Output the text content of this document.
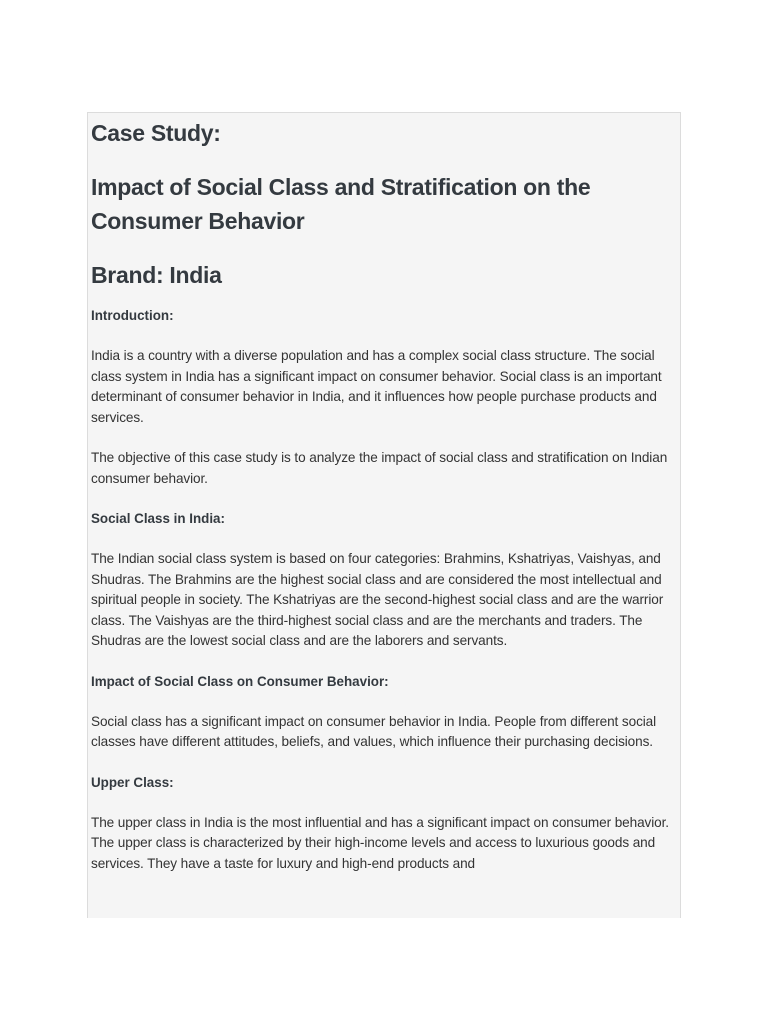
Case Study:
Impact of Social Class and Stratification on the Consumer Behavior
Brand: India
Introduction:

India is a country with a diverse population and has a complex social class structure. The social class system in India has a significant impact on consumer behavior. Social class is an important determinant of consumer behavior in India, and it influences how people purchase products and services.

The objective of this case study is to analyze the impact of social class and stratification on Indian consumer behavior.

Social Class in India:

The Indian social class system is based on four categories: Brahmins, Kshatriyas, Vaishyas, and Shudras. The Brahmins are the highest social class and are considered the most intellectual and spiritual people in society. The Kshatriyas are the second-highest social class and are the warrior class. The Vaishyas are the third-highest social class and are the merchants and traders. The Shudras are the lowest social class and are the laborers and servants.

Impact of Social Class on Consumer Behavior:

Social class has a significant impact on consumer behavior in India. People from different social classes have different attitudes, beliefs, and values, which influence their purchasing decisions.

Upper Class:

The upper class in India is the most influential and has a significant impact on consumer behavior. The upper class is characterized by their high-income levels and access to luxurious goods and services. They have a taste for luxury and high-end products and
